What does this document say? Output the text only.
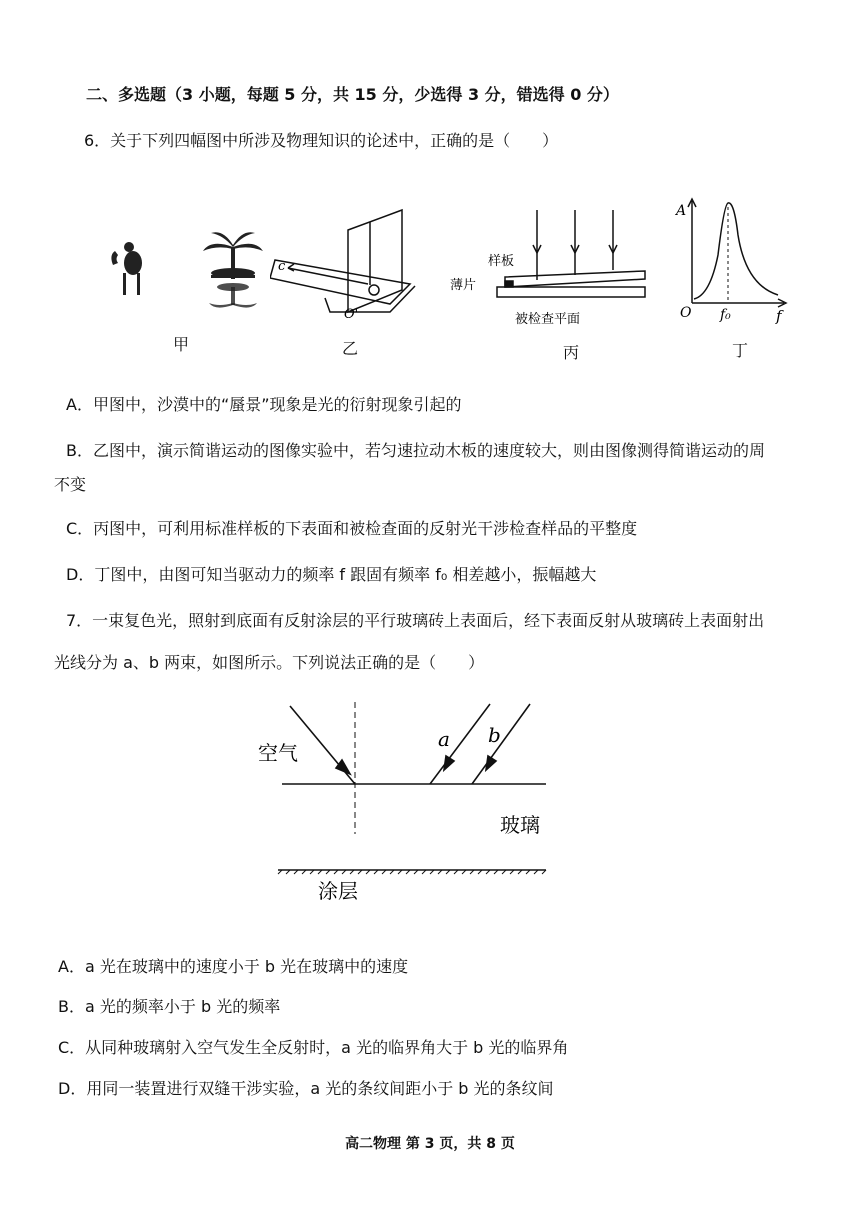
二、多选题（3 小题，每题 5 分，共 15 分，少选得 3 分，错选得 0 分）
6．关于下列四幅图中所涉及物理知识的论述中，正确的是（　　）
甲
c
O'
乙
样板
薄片
被检查平面
丙
A
O f₀	f
丁
A．甲图中，沙漠中的“蜃景”现象是光的衍射现象引起的
B．乙图中，演示简谐运动的图像实验中，若匀速拉动木板的速度较大，则由图像测得简谐运动的周
不变
C．丙图中，可利用标准样板的下表面和被检查面的反射光干涉检查样品的平整度
D．丁图中，由图可知当驱动力的频率 f 跟固有频率 f₀ 相差越小，振幅越大
7．一束复色光，照射到底面有反射涂层的平行玻璃砖上表面后，经下表面反射从玻璃砖上表面射出
光线分为 a、b 两束，如图所示。下列说法正确的是（　　）
空气
玻璃
涂层
a b
A．a 光在玻璃中的速度小于 b 光在玻璃中的速度
B．a 光的频率小于 b 光的频率
C．从同种玻璃射入空气发生全反射时，a 光的临界角大于 b 光的临界角
D．用同一装置进行双缝干涉实验，a 光的条纹间距小于 b 光的条纹间
高二物理 第 3 页，共 8 页
